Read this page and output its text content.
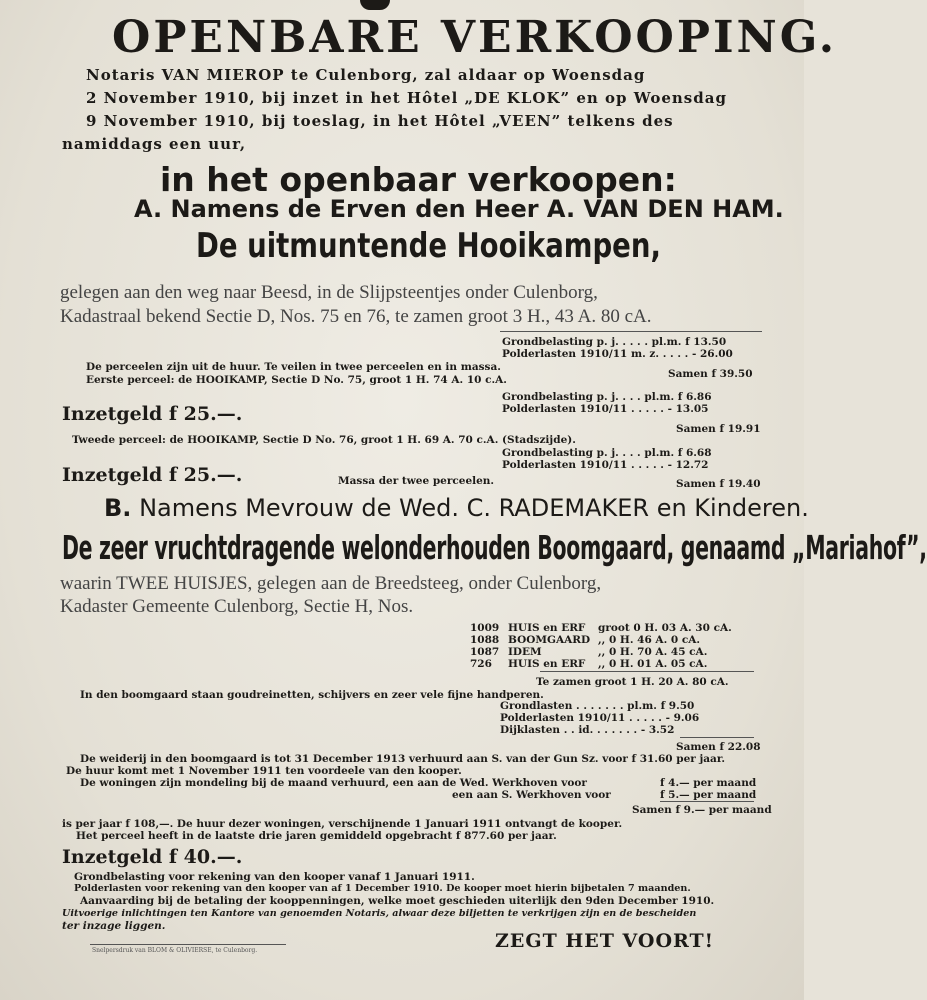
OPENBARE VERKOOPING.
Notaris VAN MIEROP te Culenborg, zal aldaar op Woensdag
2 November 1910, bij inzet in het Hôtel „DE KLOK” en op Woensdag
9 November 1910, bij toeslag, in het Hôtel „VEEN” telkens des
namiddags een uur,
in het openbaar verkoopen:
A. Namens de Erven den Heer A. VAN DEN HAM.
De uitmuntende Hooikampen,
gelegen aan den weg naar Beesd, in de Slijpsteentjes onder Culenborg,
Kadastraal bekend Sectie D, Nos. 75 en 76, te zamen groot 3 H., 43 A. 80 cA.
Grondbelasting p. j. . . . . pl.m. f 13.50
Polderlasten 1910/11 m. z. . . . . - 26.00
De perceelen zijn uit de huur. Te veilen in twee perceelen en in massa.
Samen f 39.50
Eerste perceel: de HOOIKAMP, Sectie D No. 75, groot 1 H. 74 A. 10 c.A.
Grondbelasting p. j. . . . pl.m. f 6.86
Polderlasten 1910/11 . . . . . - 13.05
Inzetgeld f 25.—.
Samen f 19.91
Tweede perceel: de HOOIKAMP, Sectie D No. 76, groot 1 H. 69 A. 70 c.A. (Stadszijde).
Grondbelasting p. j. . . . pl.m. f 6.68
Polderlasten 1910/11 . . . . . - 12.72
Inzetgeld f 25.—.	Massa der twee perceelen.	Samen f 19.40
B. Namens Mevrouw de Wed. C. RADEMAKER en Kinderen.
De zeer vruchtdragende welonderhouden Boomgaard, genaamd „Mariahof”,
waarin TWEE HUISJES, gelegen aan de Breedsteeg, onder Culenborg,
Kadaster Gemeente Culenborg, Sectie H, Nos.
1009 HUIS en ERF groot 0 H. 03 A. 30 cA.
1088 BOOMGAARD ,, 0 H. 46 A. 0 cA.
1087 IDEM	,, 0 H. 70 A. 45 cA.
726 HUIS en ERF ,, 0 H. 01 A. 05 cA.
Te zamen groot 1 H. 20 A. 80 cA.
In den boomgaard staan goudreinetten, schijvers en zeer vele fijne handperen.
Grondlasten . . . . . . . pl.m. f 9.50
Polderlasten 1910/11 . . . . . - 9.06
Dijklasten . . id. . . . . . . - 3.52
Samen f 22.08
De weiderij in den boomgaard is tot 31 December 1913 verhuurd aan S. van der Gun Sz. voor f 31.60 per jaar.
De huur komt met 1 November 1911 ten voordeele van den kooper.
De woningen zijn mondeling bij de maand verhuurd, een aan de Wed. Werkhoven voor	f 4.— per maand
een aan S. Werkhoven voor	f 5.— per maand
Samen f 9.— per maand
is per jaar f 108,—. De huur dezer woningen, verschijnende 1 Januari 1911 ontvangt de kooper.
Het perceel heeft in de laatste drie jaren gemiddeld opgebracht f 877.60 per jaar.
Inzetgeld f 40.—.
Grondbelasting voor rekening van den kooper vanaf 1 Januari 1911.
Polderlasten voor rekening van den kooper van af 1 December 1910. De kooper moet hierin bijbetalen 7 maanden.
Aanvaarding bij de betaling der kooppenningen, welke moet geschieden uiterlijk den 9den December 1910.
Uitvoerige inlichtingen ten Kantore van genoemden Notaris, alwaar deze biljetten te verkrijgen zijn en de bescheiden
ter inzage liggen.
Snelpersdruk van BLOM & OLIVIERSE, te Culenborg.	ZEGT HET VOORT!
